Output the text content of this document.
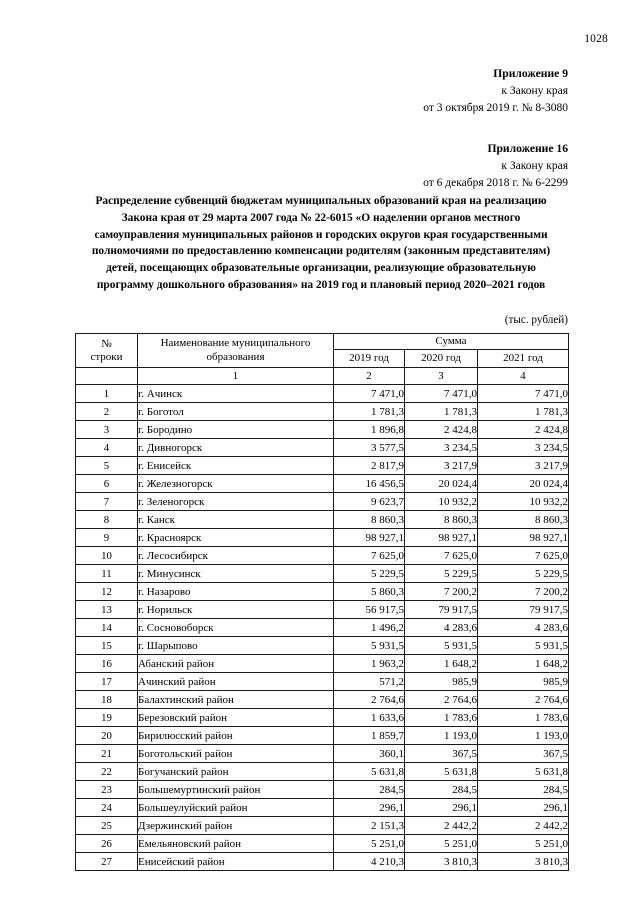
1028
Приложение 9
к Закону края
от 3 октября 2019 г. № 8-3080
Приложение 16
к Закону края
от 6 декабря 2018 г. № 6-2299
Распределение субвенций бюджетам муниципальных образований края на реализацию
Закона края от 29 марта 2007 года № 22-6015 «О наделении органов местного
самоуправления муниципальных районов и городских округов края государственными
полномочиями по предоставлению компенсации родителям (законным представителям)
детей, посещающих образовательные организации, реализующие образовательную
программу дошкольного образования» на 2019 год и плановый период 2020–2021 годов
(тыс. рублей)
№
строки	Наименование муниципального образования	Сумма		
		2019 год	2020 год	2021 год
	1	2	3	4
1	г. Ачинск	7 471,0	7 471,0	7 471,0
2	г. Боготол	1 781,3	1 781,3	1 781,3
3	г. Бородино	1 896,8	2 424,8	2 424,8
4	г. Дивногорск	3 577,5	3 234,5	3 234,5
5	г. Енисейск	2 817,9	3 217,9	3 217,9
6	г. Железногорск	16 456,5	20 024,4	20 024,4
7	г. Зеленогорск	9 623,7	10 932,2	10 932,2
8	г. Канск	8 860,3	8 860,3	8 860,3
9	г. Красноярск	98 927,1	98 927,1	98 927,1
10	г. Лесосибирск	7 625,0	7 625,0	7 625,0
11	г. Минусинск	5 229,5	5 229,5	5 229,5
12	г. Назарово	5 860,3	7 200,2	7 200,2
13	г. Норильск	56 917,5	79 917,5	79 917,5
14	г. Сосновоборск	1 496,2	4 283,6	4 283,6
15	г. Шарыпово	5 931,5	5 931,5	5 931,5
16	Абанский район	1 963,2	1 648,2	1 648,2
17	Ачинский район	571,2	985,9	985,9
18	Балахтинский район	2 764,6	2 764,6	2 764,6
19	Березовский район	1 633,6	1 783,6	1 783,6
20	Бирилюсский район	1 859,7	1 193,0	1 193,0
21	Боготольский район	360,1	367,5	367,5
22	Богучанский район	5 631,8	5 631,8	5 631,8
23	Большемуртинский район	284,5	284,5	284,5
24	Большеулуйский район	296,1	296,1	296,1
25	Дзержинский район	2 151,3	2 442,2	2 442,2
26	Емельяновский район	5 251,0	5 251,0	5 251,0
27	Енисейский район	4 210,3	3 810,3	3 810,3
